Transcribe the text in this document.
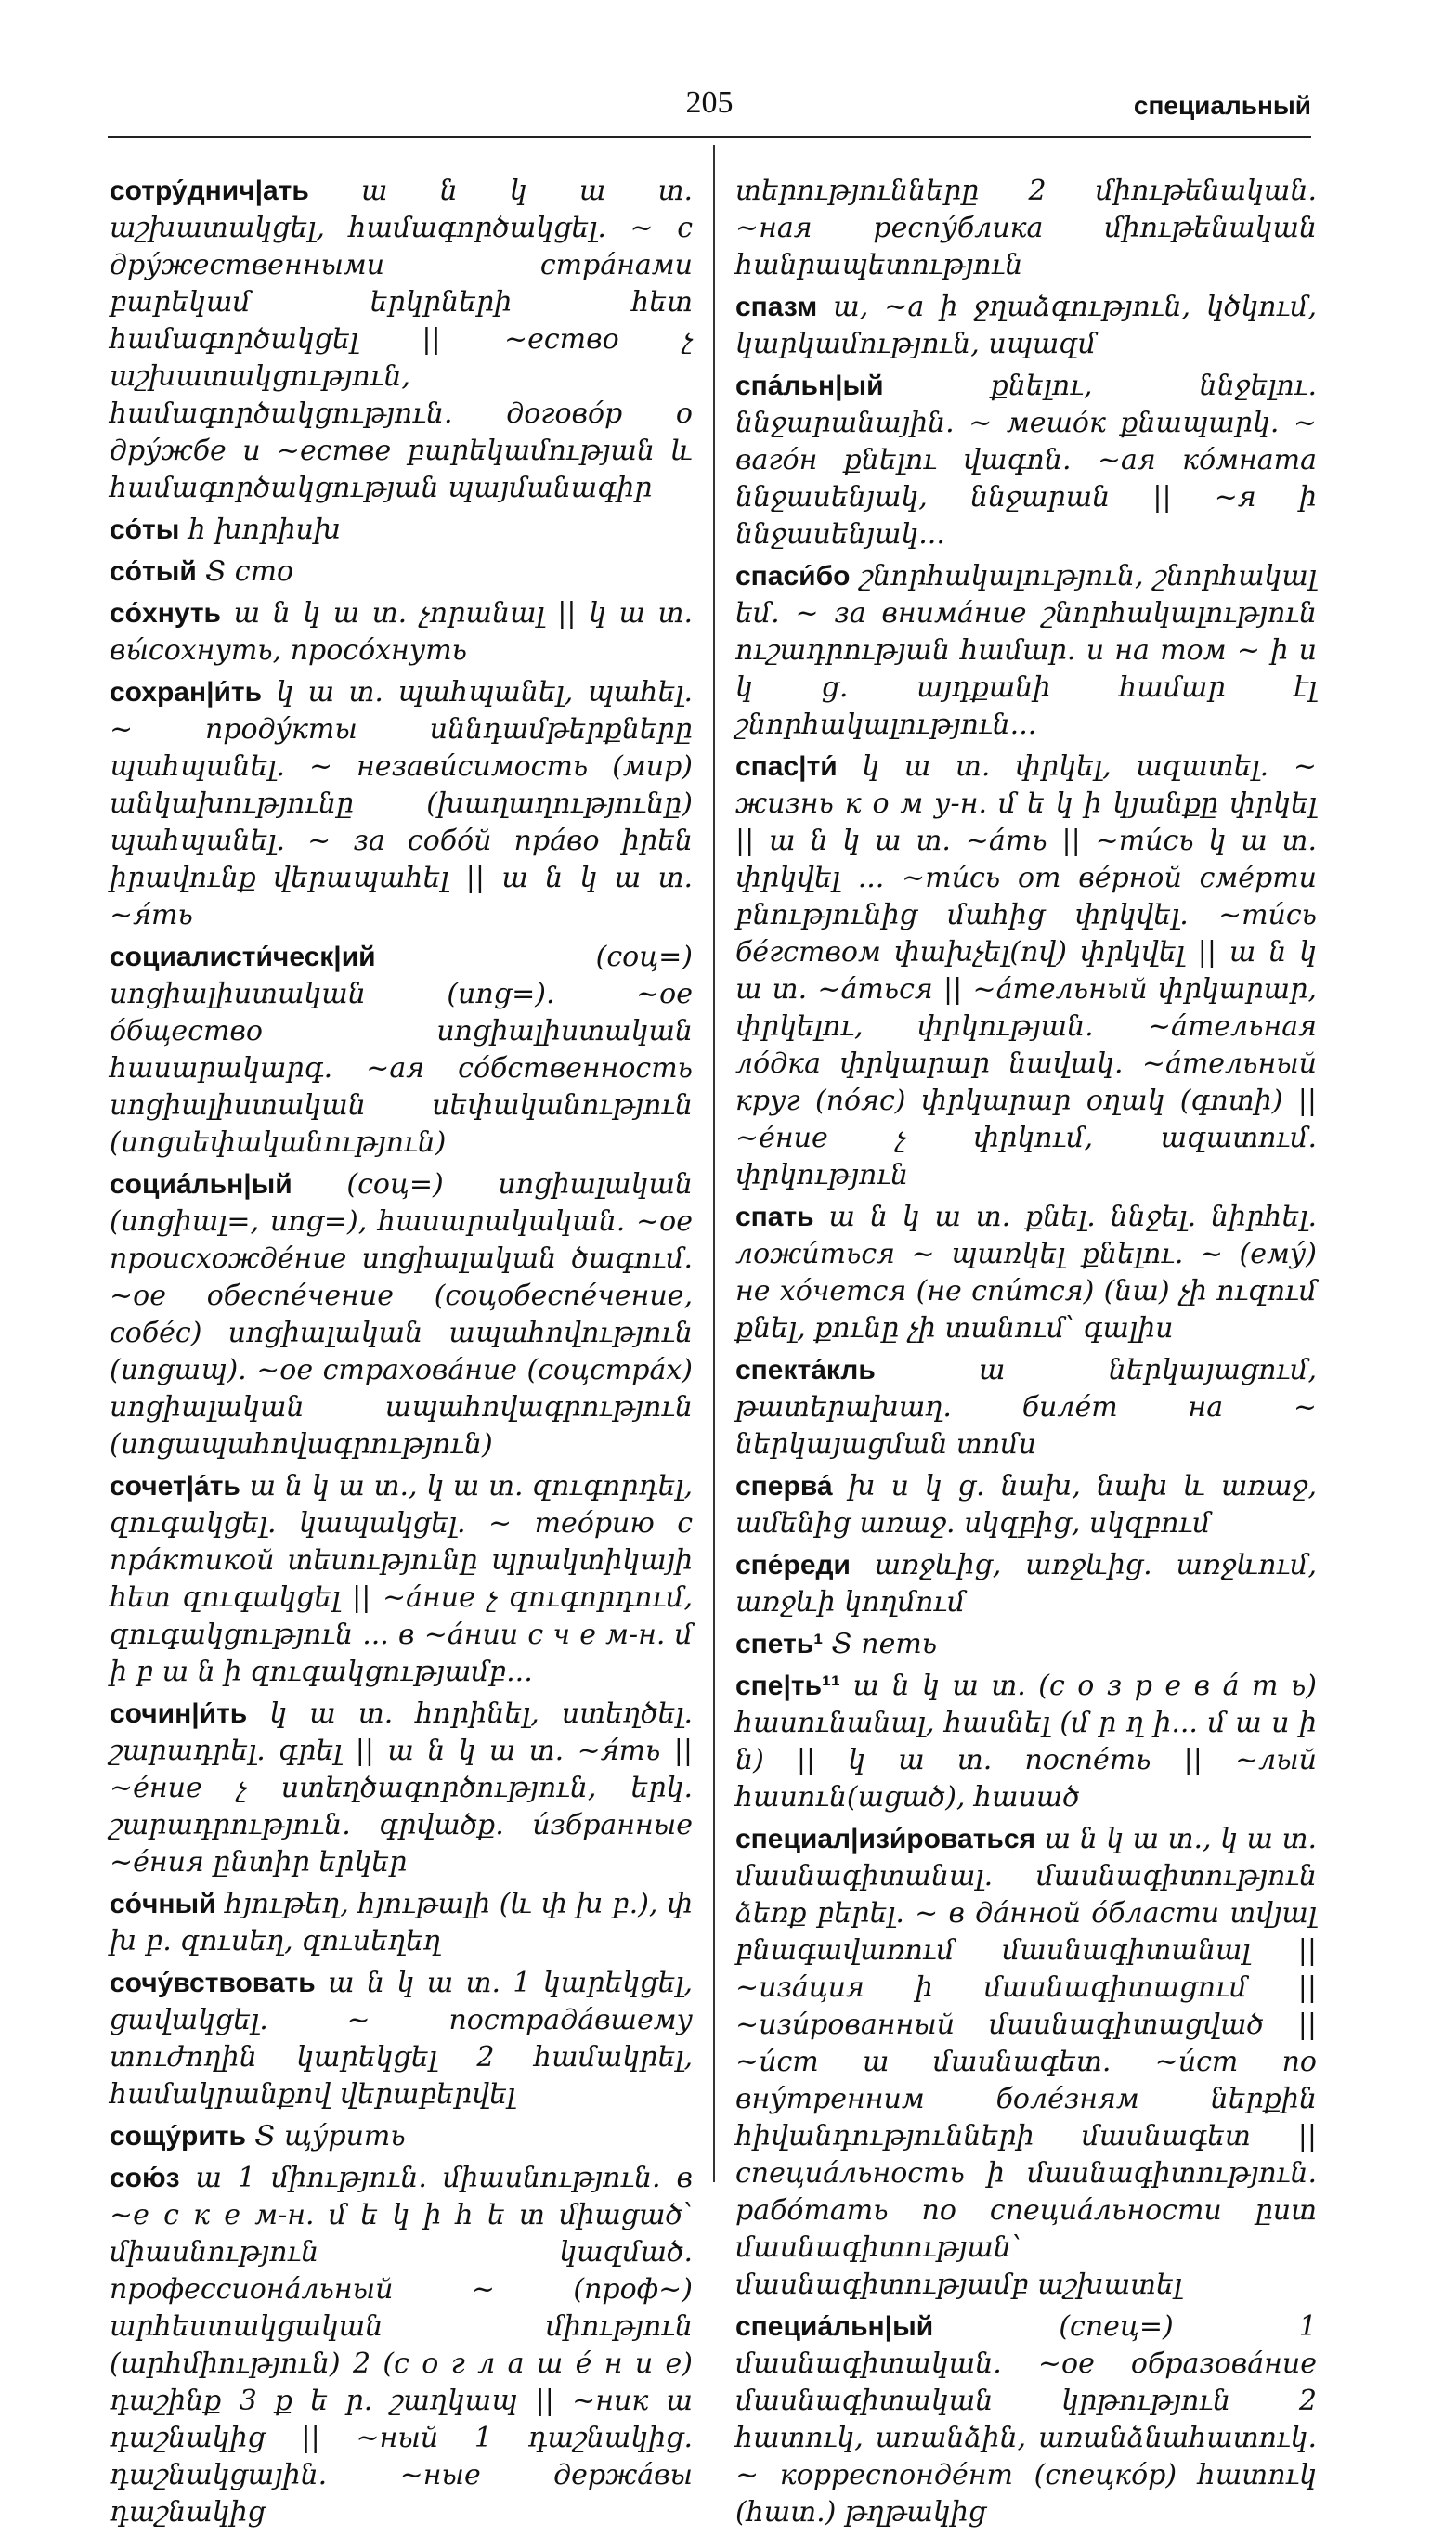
205	специальный
сотру́днич|ать ա ն կ ա տ. աշխատակցել, համագործակցել. ~ с дру́жественными стра́нами բարեկամ երկրների հետ համագործակցել || ~ество չ աշխատակցություն, համագործակցություն. догово́р о дру́жбе и ~естве բարեկամության և համագործակցության պայմանագիր
со́ты հ խորիսխ
со́тый Տ сто
со́хнуть ա ն կ ա տ. չորանալ || կ ա տ. вы́сохнуть, просо́хнуть
сохран|и́ть կ ա տ. պահպանել, պահել. ~ проду́кты սննդամթերքները պահպանել. ~ незави́симость (мир) անկախությունը (խաղաղությունը) պահպանել. ~ за собо́й пра́во իրեն իրավունք վերապահել || ա ն կ ա տ. ~я́ть
социалисти́ческ|ий	(соц=) սոցիալիստական (սոց=). ~ое о́бщество սոցիալիստական հասարակարգ. ~ая со́бственность սոցիալիստական սեփականություն (սոցսեփականություն)
социа́льн|ый (соц=) սոցիալական (սոցիալ=, սոց=), հասարակական. ~ое происхожде́ние սոցիալական ծագում. ~ое обеспе́чение (соцобеспе́чение, собе́с) սոցիալական ապահովություն (սոցապ). ~ое страхова́ние (соцстра́х) սոցիալական ապահովագրություն (սոցապահովագրություն)
сочет|а́ть ա ն կ ա տ., կ ա տ. զուգորդել, զուգակցել. կապակցել. ~ тео́рию с пра́ктикой տեսությունը պրակտիկայի հետ զուգակցել || ~а́ние չ զուգորդում, զուգակցություն ... в ~а́нии с ч е м-н. մ ի բ ա ն ի զուգակցությամբ...
сочин|и́ть կ ա տ. հորինել, ստեղծել. շարադրել. գրել || ա ն կ ա տ. ~я́ть || ~е́ние չ ստեղծագործություն, երկ. շարադրություն. գրվածք. и́збранные ~е́ния ընտիր երկեր
со́чный հյութեղ, հյութալի (և փ խ բ.), փ խ բ. զուսեղ, զուսեղեղ
сочу́вствовать ա ն կ ա տ. 1 կարեկցել, ցավակցել. ~ пострада́вшему տուժողին կարեկցել 2 համակրել, համակրանքով վերաբերվել
сощу́рить Տ щу́рить
сою́з ա 1 միություն. միասնություն. в ~е с к е м-н. մ ե կ ի հ ե տ միացած՝ միասնություն կազմած. профессиона́льный ~ (проф~) արհեստակցական միություն (արհմիություն) 2 (с о г л а ш е́ н и е) դաշինք 3 ք ե ր. շաղկապ || ~ник ա դաշնակից || ~ный 1 դաշնակից. դաշնակցային. ~ные держа́вы դաշնակից
տերությունները 2 միութենական. ~ная респу́блика միութենական հանրապետություն
спазм ա, ~а ի ջղաձգություն, կծկում, կարկամություն, սպազմ
спа́льн|ый	քնելու, ննջելու. ննջարանային. ~ мешо́к քնապարկ. ~ ваго́н քնելու վագոն. ~ая ко́мната ննջասենյակ, ննջարան || ~я ի ննջասենյակ...
спаси́бо շնորհակալություն, շնորհակալ եմ. ~ за внима́ние շնորհակալություն ուշադրության համար. и на том ~ ի ս կ ց. այդքանի համար էլ շնորհակալություն...
спас|ти́ կ ա տ. փրկել, ազատել. ~ жизнь к о м у-н. մ ե կ ի կյանքը փրկել || ա ն կ ա տ. ~а́ть || ~ти́сь կ ա տ. փրկվել ... ~ти́сь от ве́рной сме́рти բնությունից մահից փրկվել. ~ти́сь бе́гством փախչել(ով) փրկվել || ա ն կ ա տ. ~а́ться || ~а́тельный փրկարար, փրկելու, փրկության. ~а́тельная ло́дка փրկարար նավակ. ~а́тельный круг (по́яс) փրկարար օղակ (գոտի) || ~е́ние չ փրկում, ազատում. փրկություն
спать ա ն կ ա տ. քնել. ննջել. նիրհել. ложи́ться ~ պառկել քնելու. ~ (ему́) не хо́чется (не спи́тся) (նա) չի ուզում քնել, քունը չի տանում՝ գալիս
спекта́кль	ա ներկայացում, թատերախաղ. биле́т на ~ ներկայացման տոմս
сперва́ խ ս կ ց. նախ, նախ և առաջ, ամենից առաջ. սկզբից, սկզբում
спе́реди առջևից, առջևից. առջևում, առջևի կողմում
спеть¹ Տ петь
спе|ть¹¹ ա ն կ ա տ. (с о з р е в а́ т ь) հասունանալ, հասնել (մ ր ղ ի... մ ա ս ի ն) || կ ա տ. поспе́ть || ~лый հասուն(ացած), հասած
специал|изи́роваться ա ն կ ա տ., կ ա տ. մասնագիտանալ. մասնագիտություն ձեռք բերել. ~ в да́нной о́бласти տվյալ բնագավառում մասնագիտանալ || ~иза́ция ի մասնագիտացում || ~изи́рованный մասնագիտացված || ~и́ст ա մասնագետ. ~и́ст по вну́тренним боле́зням ներքին հիվանդությունների մասնագետ || специа́льность ի մասնագիտություն. рабо́тать по специа́льности ըստ մասնագիտության՝ մասնագիտությամբ աշխատել
специа́льн|ый	(спец=) 1 մասնագիտական. ~ое образова́ние մասնագիտական կրթություն 2 հատուկ, առանձին, առանձնահատուկ. ~ корреспонде́нт (спецко́р) հատուկ (հատ.) թղթակից
